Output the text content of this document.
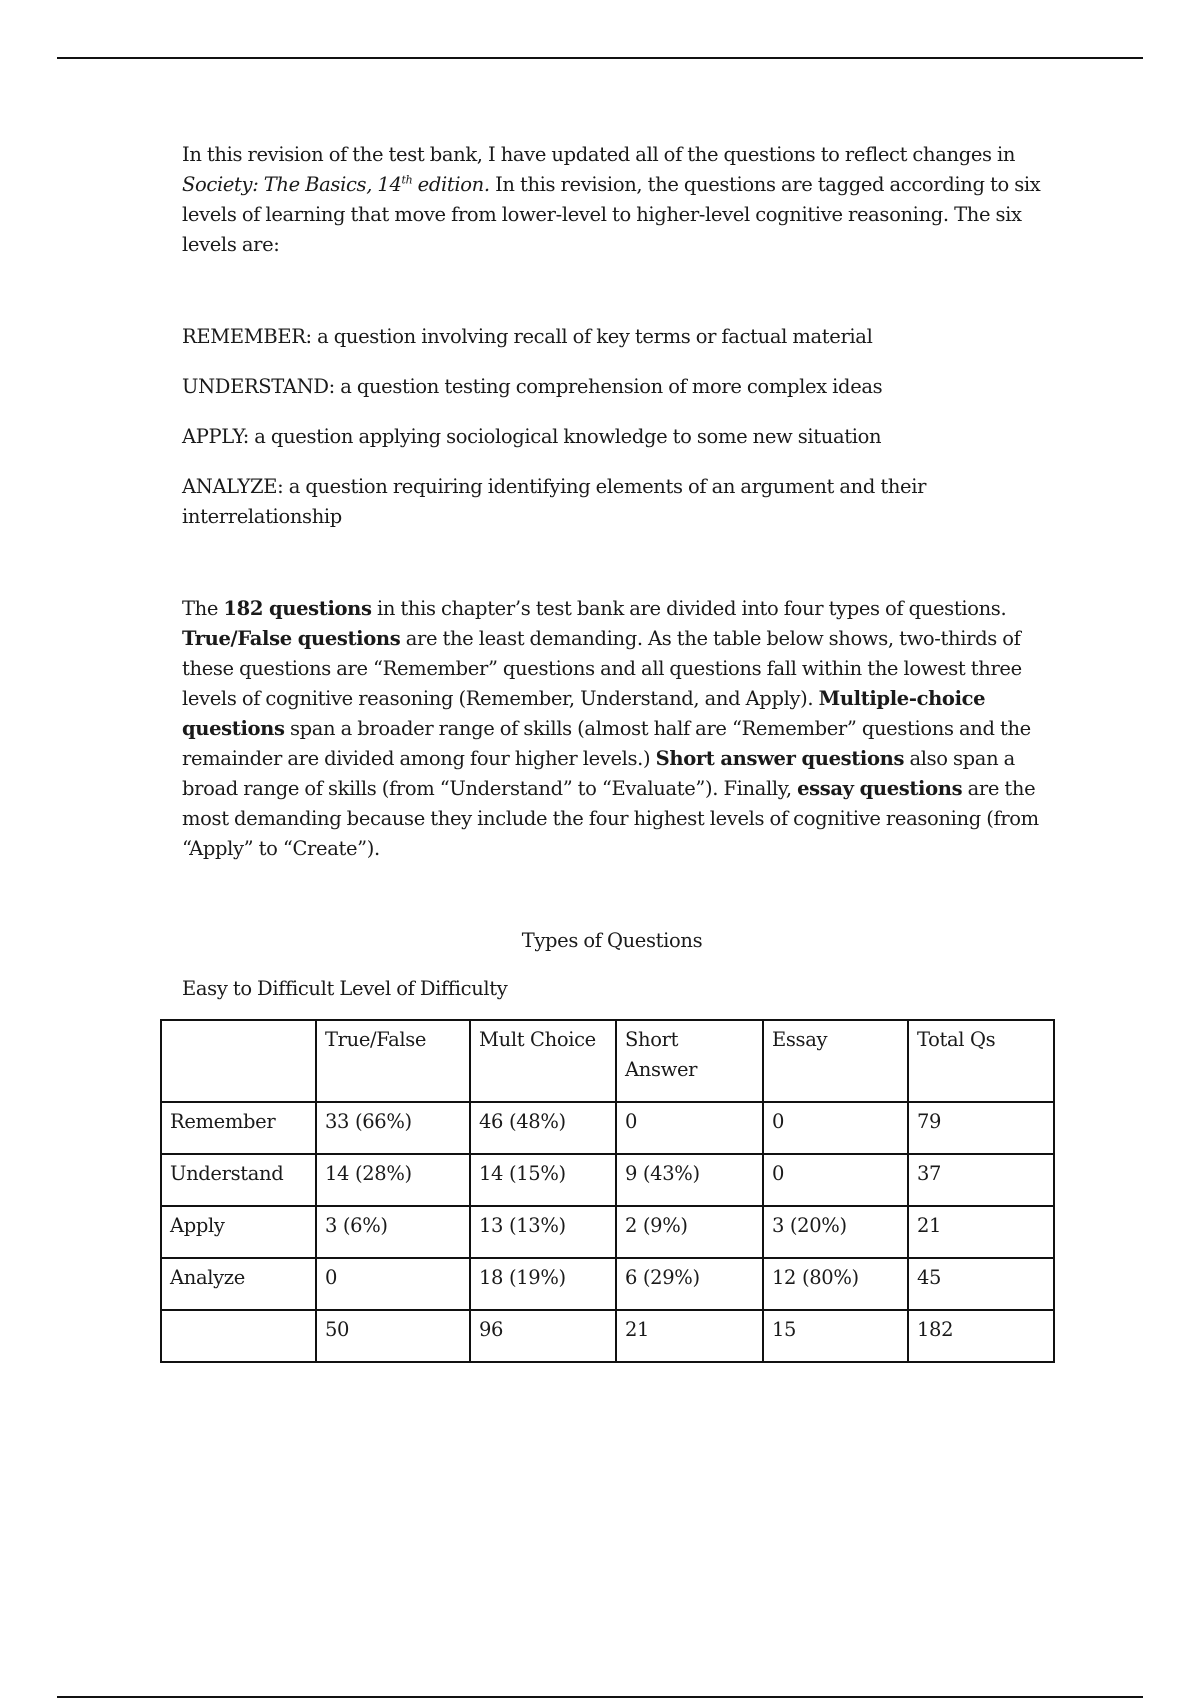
In this revision of the test bank, I have updated all of the questions to reflect changes in Society: The Basics, 14th edition. In this revision, the questions are tagged according to six levels of learning that move from lower-level to higher-level cognitive reasoning. The six levels are:

REMEMBER: a question involving recall of key terms or factual material

UNDERSTAND: a question testing comprehension of more complex ideas

APPLY: a question applying sociological knowledge to some new situation

ANALYZE: a question requiring identifying elements of an argument and their interrelationship

The 182 questions in this chapter’s test bank are divided into four types of questions. True/False questions are the least demanding. As the table below shows, two-thirds of these questions are “Remember” questions and all questions fall within the lowest three levels of cognitive reasoning (Remember, Understand, and Apply). Multiple-choice questions span a broader range of skills (almost half are “Remember” questions and the remainder are divided among four higher levels.) Short answer questions also span a broad range of skills (from “Understand” to “Evaluate”). Finally, essay questions are the most demanding because they include the four highest levels of cognitive reasoning (from “Apply” to “Create”).

Types of Questions

Easy to Difficult Level of Difficulty

	True/False	Mult Choice	Short Answer	Essay	Total Qs
Remember	33 (66%)	46 (48%)	0	0	79
Understand	14 (28%)	14 (15%)	9 (43%)	0	37
Apply	3 (6%)	13 (13%)	2 (9%)	3 (20%)	21
Analyze	0	18 (19%)	6 (29%)	12 (80%)	45
	50	96	21	15	182
